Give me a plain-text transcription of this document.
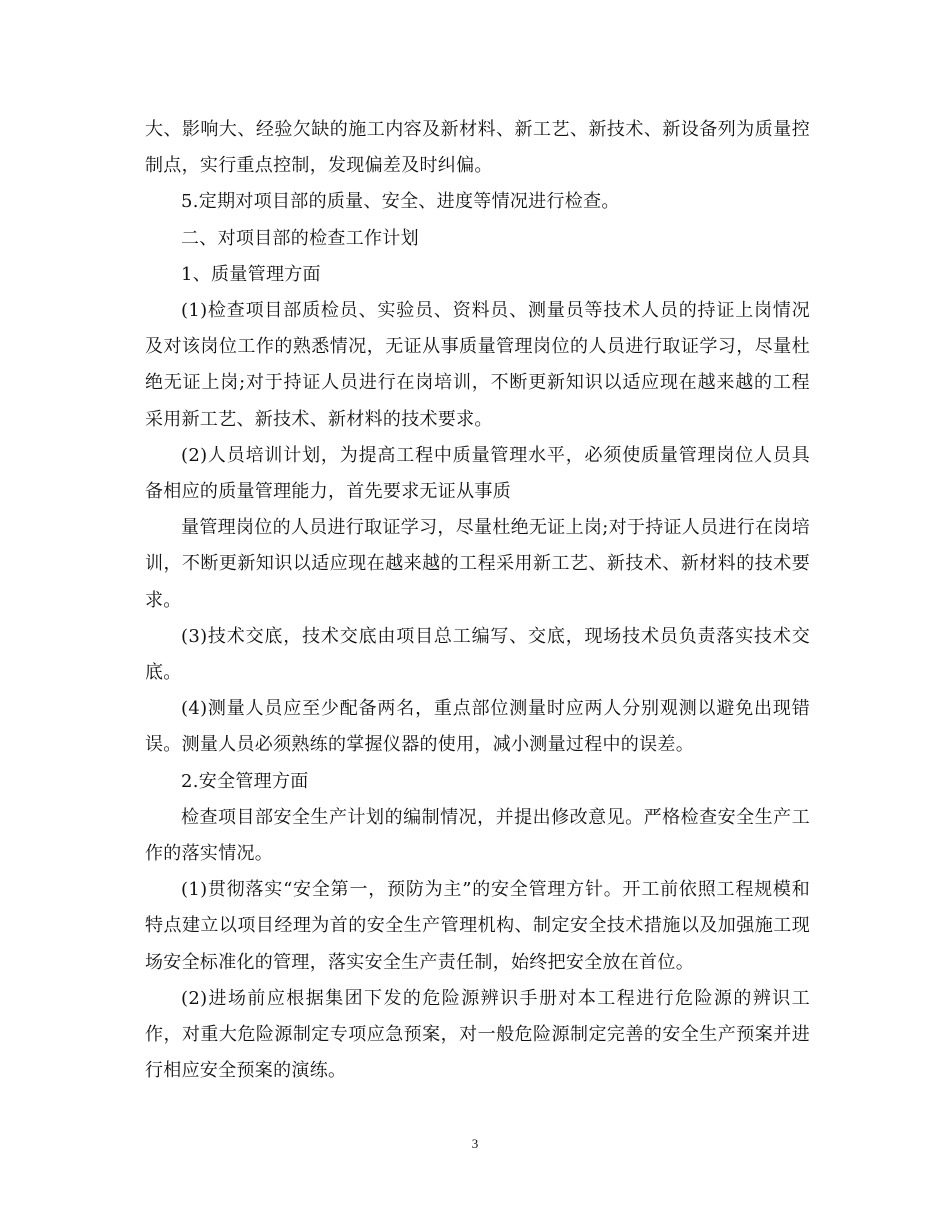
大、影响大、经验欠缺的施工内容及新材料、新工艺、新技术、新设备列为质量控制点，实行重点控制，发现偏差及时纠偏。

5.定期对项目部的质量、安全、进度等情况进行检查。

二、对项目部的检查工作计划

1、质量管理方面

(1)检查项目部质检员、实验员、资料员、测量员等技术人员的持证上岗情况及对该岗位工作的熟悉情况，无证从事质量管理岗位的人员进行取证学习，尽量杜绝无证上岗;对于持证人员进行在岗培训，不断更新知识以适应现在越来越的工程采用新工艺、新技术、新材料的技术要求。

(2)人员培训计划，为提高工程中质量管理水平，必须使质量管理岗位人员具备相应的质量管理能力，首先要求无证从事质

量管理岗位的人员进行取证学习，尽量杜绝无证上岗;对于持证人员进行在岗培训，不断更新知识以适应现在越来越的工程采用新工艺、新技术、新材料的技术要求。

(3)技术交底，技术交底由项目总工编写、交底，现场技术员负责落实技术交底。

(4)测量人员应至少配备两名，重点部位测量时应两人分别观测以避免出现错误。测量人员必须熟练的掌握仪器的使用，减小测量过程中的误差。

2.安全管理方面

检查项目部安全生产计划的编制情况，并提出修改意见。严格检查安全生产工作的落实情况。

(1)贯彻落实“安全第一，预防为主”的安全管理方针。开工前依照工程规模和特点建立以项目经理为首的安全生产管理机构、制定安全技术措施以及加强施工现场安全标准化的管理，落实安全生产责任制，始终把安全放在首位。

(2)进场前应根据集团下发的危险源辨识手册对本工程进行危险源的辨识工作，对重大危险源制定专项应急预案，对一般危险源制定完善的安全生产预案并进行相应安全预案的演练。

3
